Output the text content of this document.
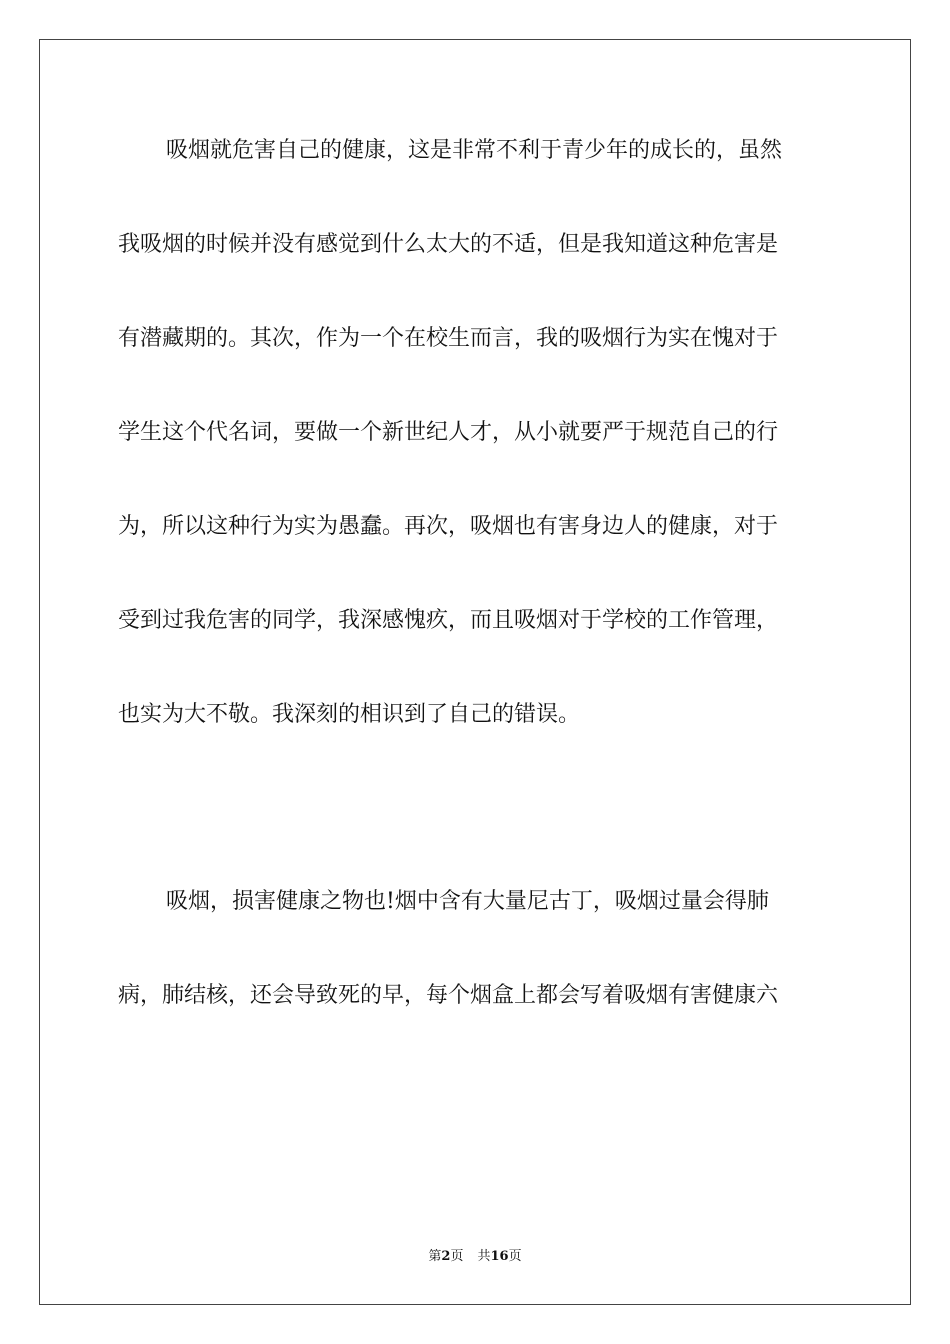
吸烟就危害自己的健康，这是非常不利于青少年的成长的，虽然
我吸烟的时候并没有感觉到什么太大的不适，但是我知道这种危害是
有潜藏期的。其次，作为一个在校生而言，我的吸烟行为实在愧对于
学生这个代名词，要做一个新世纪人才，从小就要严于规范自己的行
为，所以这种行为实为愚蠢。再次，吸烟也有害身边人的健康，对于
受到过我危害的同学，我深感愧疚，而且吸烟对于学校的工作管理，
也实为大不敬。我深刻的相识到了自己的错误。
吸烟，损害健康之物也!烟中含有大量尼古丁，吸烟过量会得肺
病，肺结核，还会导致死的早，每个烟盒上都会写着吸烟有害健康六
第2页 共16页
